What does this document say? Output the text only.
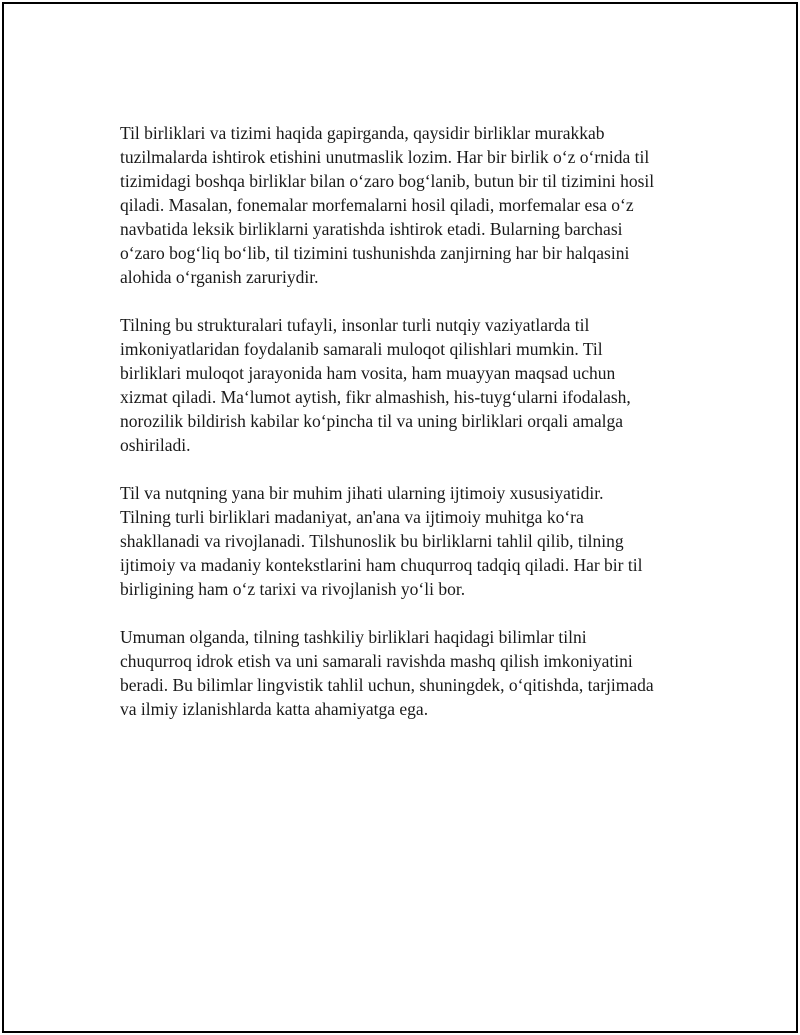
Til birliklari va tizimi haqida gapirganda, qaysidir birliklar murakkab
tuzilmalarda ishtirok etishini unutmaslik lozim. Har bir birlik o‘z o‘rnida til
tizimidagi boshqa birliklar bilan o‘zaro bog‘lanib, butun bir til tizimini hosil
qiladi. Masalan, fonemalar morfemalarni hosil qiladi, morfemalar esa o‘z
navbatida leksik birliklarni yaratishda ishtirok etadi. Bularning barchasi
o‘zaro bog‘liq bo‘lib, til tizimini tushunishda zanjirning har bir halqasini
alohida o‘rganish zaruriydir.

Tilning bu strukturalari tufayli, insonlar turli nutqiy vaziyatlarda til
imkoniyatlaridan foydalanib samarali muloqot qilishlari mumkin. Til
birliklari muloqot jarayonida ham vosita, ham muayyan maqsad uchun
xizmat qiladi. Ma‘lumot aytish, fikr almashish, his-tuyg‘ularni ifodalash,
norozilik bildirish kabilar ko‘pincha til va uning birliklari orqali amalga
oshiriladi.

Til va nutqning yana bir muhim jihati ularning ijtimoiy xususiyatidir.
Tilning turli birliklari madaniyat, an'ana va ijtimoiy muhitga ko‘ra
shakllanadi va rivojlanadi. Tilshunoslik bu birliklarni tahlil qilib, tilning
ijtimoiy va madaniy kontekstlarini ham chuqurroq tadqiq qiladi. Har bir til
birligining ham o‘z tarixi va rivojlanish yo‘li bor.

Umuman olganda, tilning tashkiliy birliklari haqidagi bilimlar tilni
chuqurroq idrok etish va uni samarali ravishda mashq qilish imkoniyatini
beradi. Bu bilimlar lingvistik tahlil uchun, shuningdek, o‘qitishda, tarjimada
va ilmiy izlanishlarda katta ahamiyatga ega.
